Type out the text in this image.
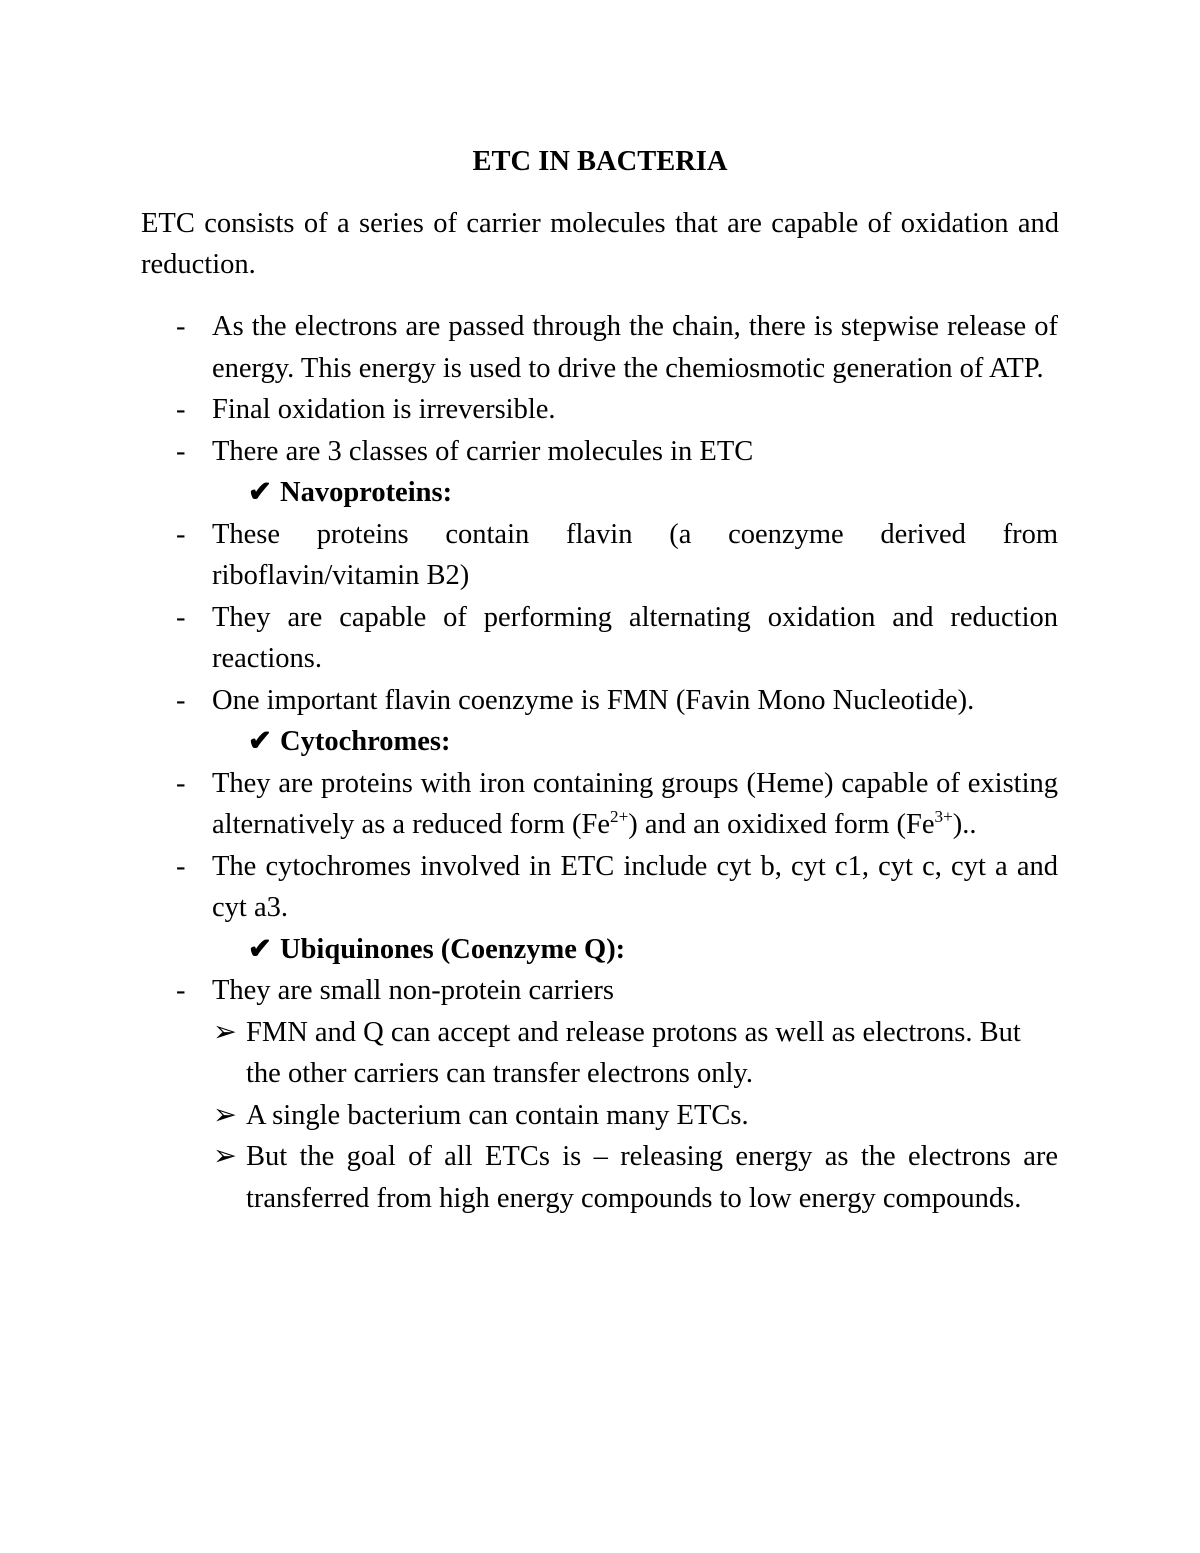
ETC IN BACTERIA
ETC consists of a series of carrier molecules that are capable of oxidation and reduction.
- As the electrons are passed through the chain, there is stepwise release of energy. This energy is used to drive the chemiosmotic generation of ATP.
- Final oxidation is irreversible.
- There are 3 classes of carrier molecules in ETC
✔ Navoproteins:
- These proteins contain flavin (a coenzyme derived from riboflavin/vitamin B2)
- They are capable of performing alternating oxidation and reduction reactions.
- One important flavin coenzyme is FMN (Favin Mono Nucleotide).
✔ Cytochromes:
- They are proteins with iron containing groups (Heme) capable of existing alternatively as a reduced form $(Fe^{2+})$ and an oxidixed form $(Fe^{3+})$..
- The cytochromes involved in ETC include cyt b, cyt c1, cyt c, cyt a and cyt a3.
✔ Ubiquinones (Coenzyme Q):
- They are small non-protein carriers
➢ FMN and Q can accept and release protons as well as electrons. But the other carriers can transfer electrons only.
➢ A single bacterium can contain many ETCs.
➢ But the goal of all ETCs is – releasing energy as the electrons are transferred from high energy compounds to low energy compounds.
